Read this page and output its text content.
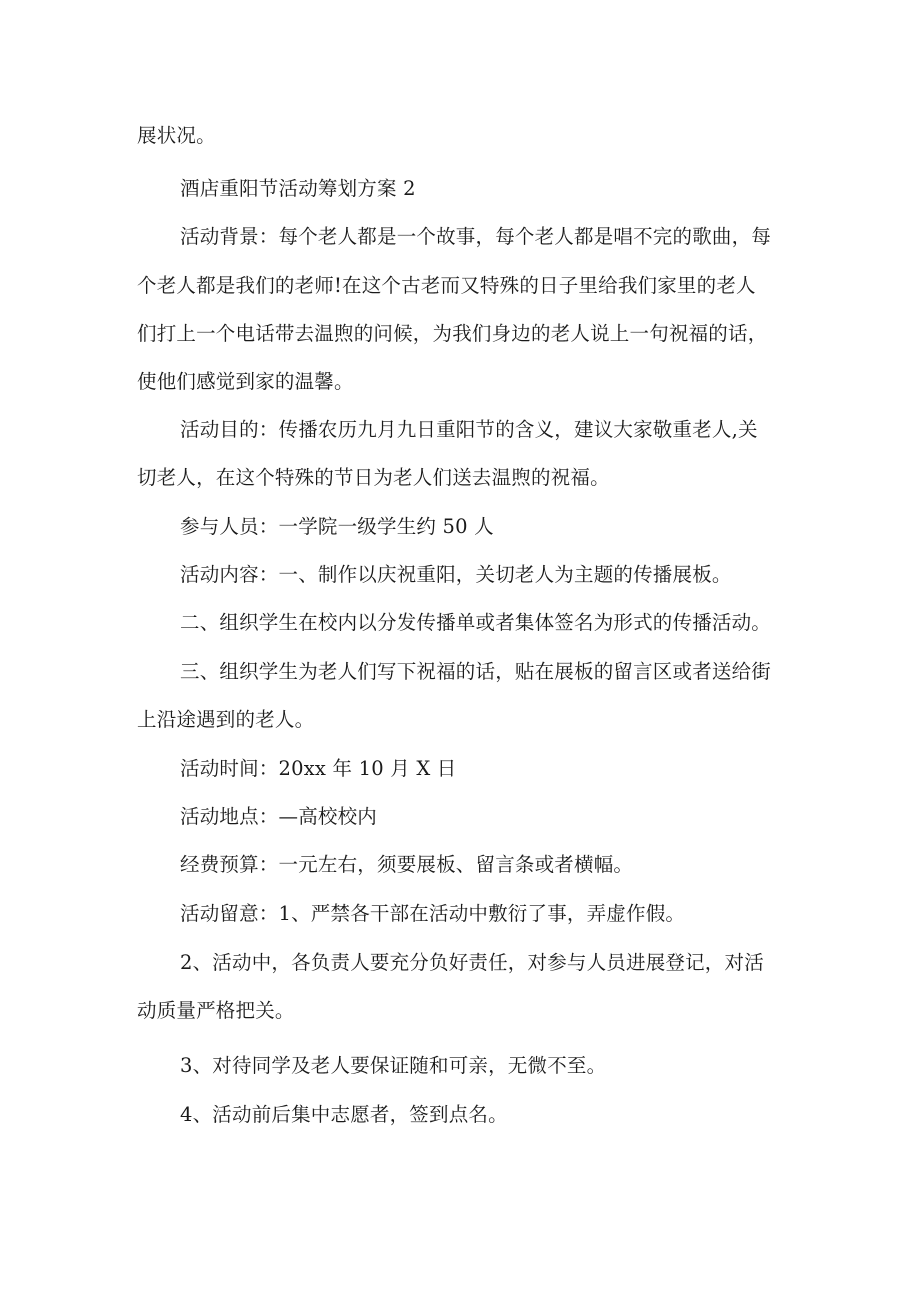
展状况。
酒店重阳节活动筹划方案 2
活动背景：每个老人都是一个故事，每个老人都是唱不完的歌曲，每
个老人都是我们的老师!在这个古老而又特殊的日子里给我们家里的老人
们打上一个电话带去温煦的问候，为我们身边的老人说上一句祝福的话，
使他们感觉到家的温馨。
活动目的：传播农历九月九日重阳节的含义，建议大家敬重老人,关
切老人，在这个特殊的节日为老人们送去温煦的祝福。
参与人员：一学院一级学生约 50 人
活动内容：一、制作以庆祝重阳，关切老人为主题的传播展板。
二、组织学生在校内以分发传播单或者集体签名为形式的传播活动。
三、组织学生为老人们写下祝福的话，贴在展板的留言区或者送给街
上沿途遇到的老人。
活动时间：20xx 年 10 月 X 日
活动地点：—高校校内
经费预算：一元左右，须要展板、留言条或者横幅。
活动留意：1、严禁各干部在活动中敷衍了事，弄虚作假。
2、活动中，各负责人要充分负好责任，对参与人员进展登记，对活
动质量严格把关。
3、对待同学及老人要保证随和可亲，无微不至。
4、活动前后集中志愿者，签到点名。
